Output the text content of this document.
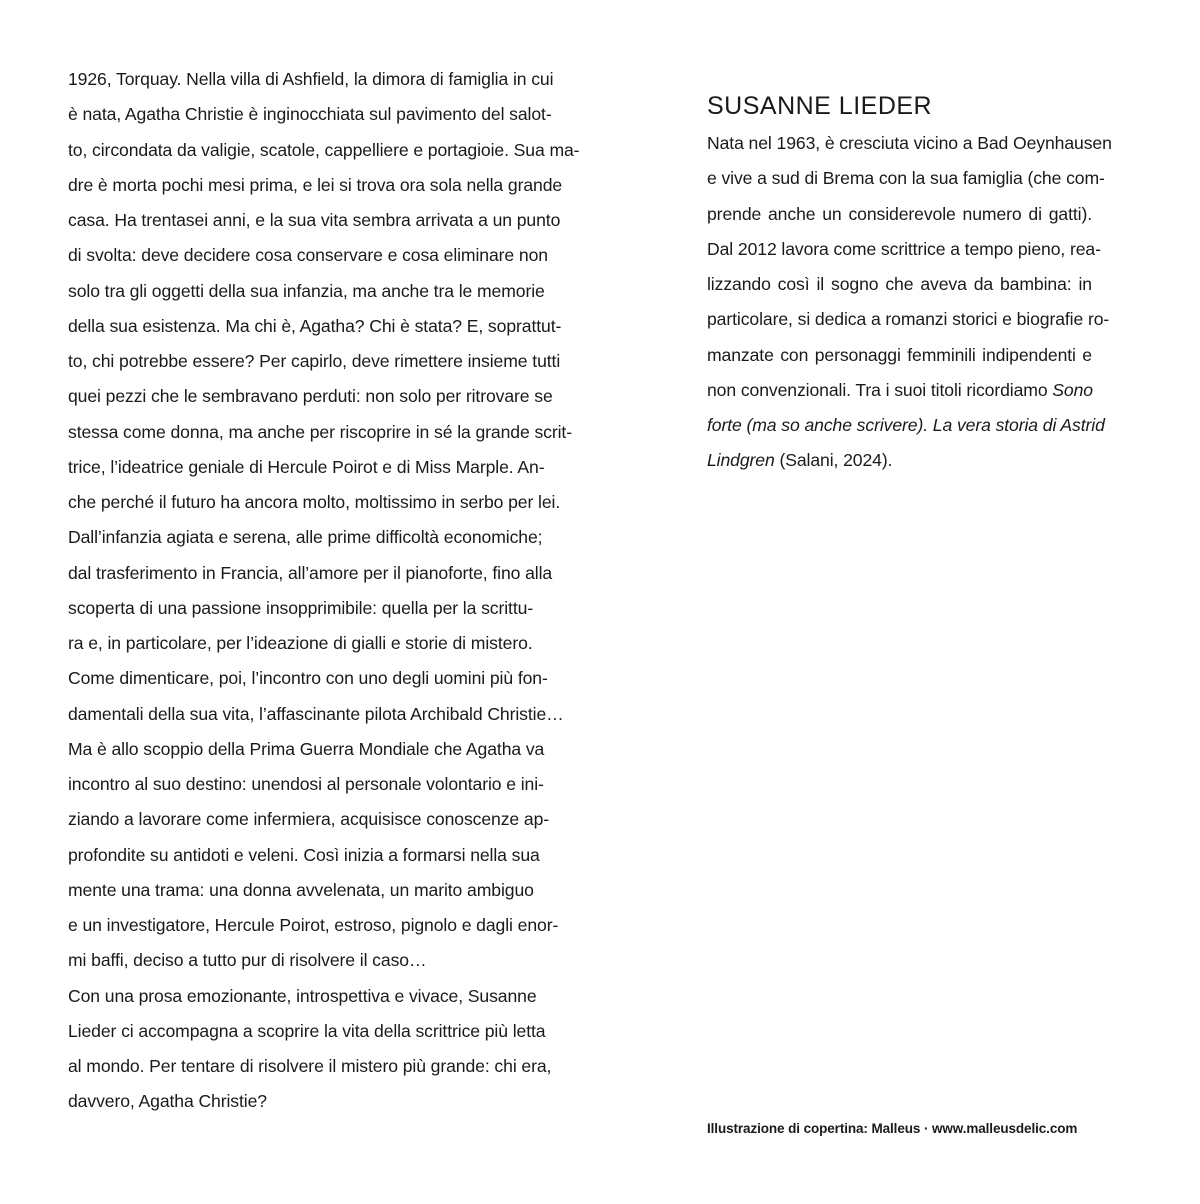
1926, Torquay. Nella villa di Ashfield, la dimora di famiglia in cui
è nata, Agatha Christie è inginocchiata sul pavimento del salot-
to, circondata da valigie, scatole, cappelliere e portagioie. Sua ma-
dre è morta pochi mesi prima, e lei si trova ora sola nella grande
casa. Ha trentasei anni, e la sua vita sembra arrivata a un punto
di svolta: deve decidere cosa conservare e cosa eliminare non
solo tra gli oggetti della sua infanzia, ma anche tra le memorie
della sua esistenza. Ma chi è, Agatha? Chi è stata? E, soprattut-
to, chi potrebbe essere? Per capirlo, deve rimettere insieme tutti
quei pezzi che le sembravano perduti: non solo per ritrovare se
stessa come donna, ma anche per riscoprire in sé la grande scrit-
trice, l’ideatrice geniale di Hercule Poirot e di Miss Marple. An-
che perché il futuro ha ancora molto, moltissimo in serbo per lei.
Dall’infanzia agiata e serena, alle prime difficoltà economiche;
dal trasferimento in Francia, all’amore per il pianoforte, fino alla
scoperta di una passione insopprimibile: quella per la scrittu-
ra e, in particolare, per l’ideazione di gialli e storie di mistero.
Come dimenticare, poi, l’incontro con uno degli uomini più fon-
damentali della sua vita, l’affascinante pilota Archibald Christie…
Ma è allo scoppio della Prima Guerra Mondiale che Agatha va
incontro al suo destino: unendosi al personale volontario e ini-
ziando a lavorare come infermiera, acquisisce conoscenze ap-
profondite su antidoti e veleni. Così inizia a formarsi nella sua
mente una trama: una donna avvelenata, un marito ambiguo
e un investigatore, Hercule Poirot, estroso, pignolo e dagli enor-
mi baffi, deciso a tutto pur di risolvere il caso…

Con una prosa emozionante, introspettiva e vivace, Susanne
Lieder ci accompagna a scoprire la vita della scrittrice più letta
al mondo. Per tentare di risolvere il mistero più grande: chi era,
davvero, Agatha Christie?

SUSANNE LIEDER

Nata nel 1963, è cresciuta vicino a Bad Oeynhausen
e vive a sud di Brema con la sua famiglia (che com-
prende anche un considerevole numero di gatti).
Dal 2012 lavora come scrittrice a tempo pieno, rea-
lizzando così il sogno che aveva da bambina: in
particolare, si dedica a romanzi storici e biografie ro-
manzate con personaggi femminili indipendenti e
non convenzionali. Tra i suoi titoli ricordiamo Sono
forte (ma so anche scrivere). La vera storia di Astrid
Lindgren (Salani, 2024).

Illustrazione di copertina: Malleus · www.malleusdelic.com
